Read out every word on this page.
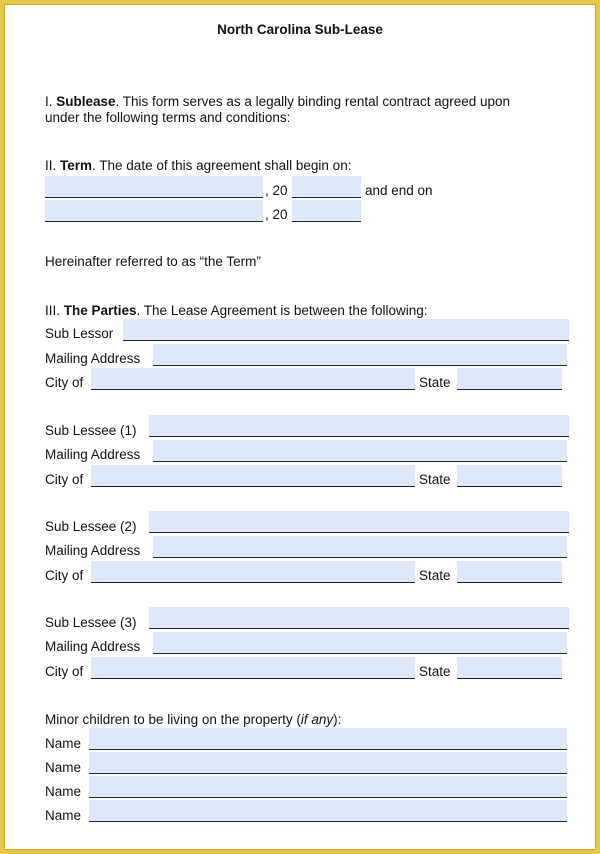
North Carolina Sub-Lease
I. Sublease. This form serves as a legally binding rental contract agreed upon
under the following terms and conditions:
II. Term. The date of this agreement shall begin on:
, 20	and end on
, 20
Hereinafter referred to as “the Term”
III. The Parties. The Lease Agreement is between the following:
Sub Lessor
Mailing Address
City of	State
Sub Lessee (1)
Mailing Address
City of	State
Sub Lessee (2)
Mailing Address
City of	State
Sub Lessee (3)
Mailing Address
City of	State
Minor children to be living on the property (if any):
Name
Name
Name
Name
